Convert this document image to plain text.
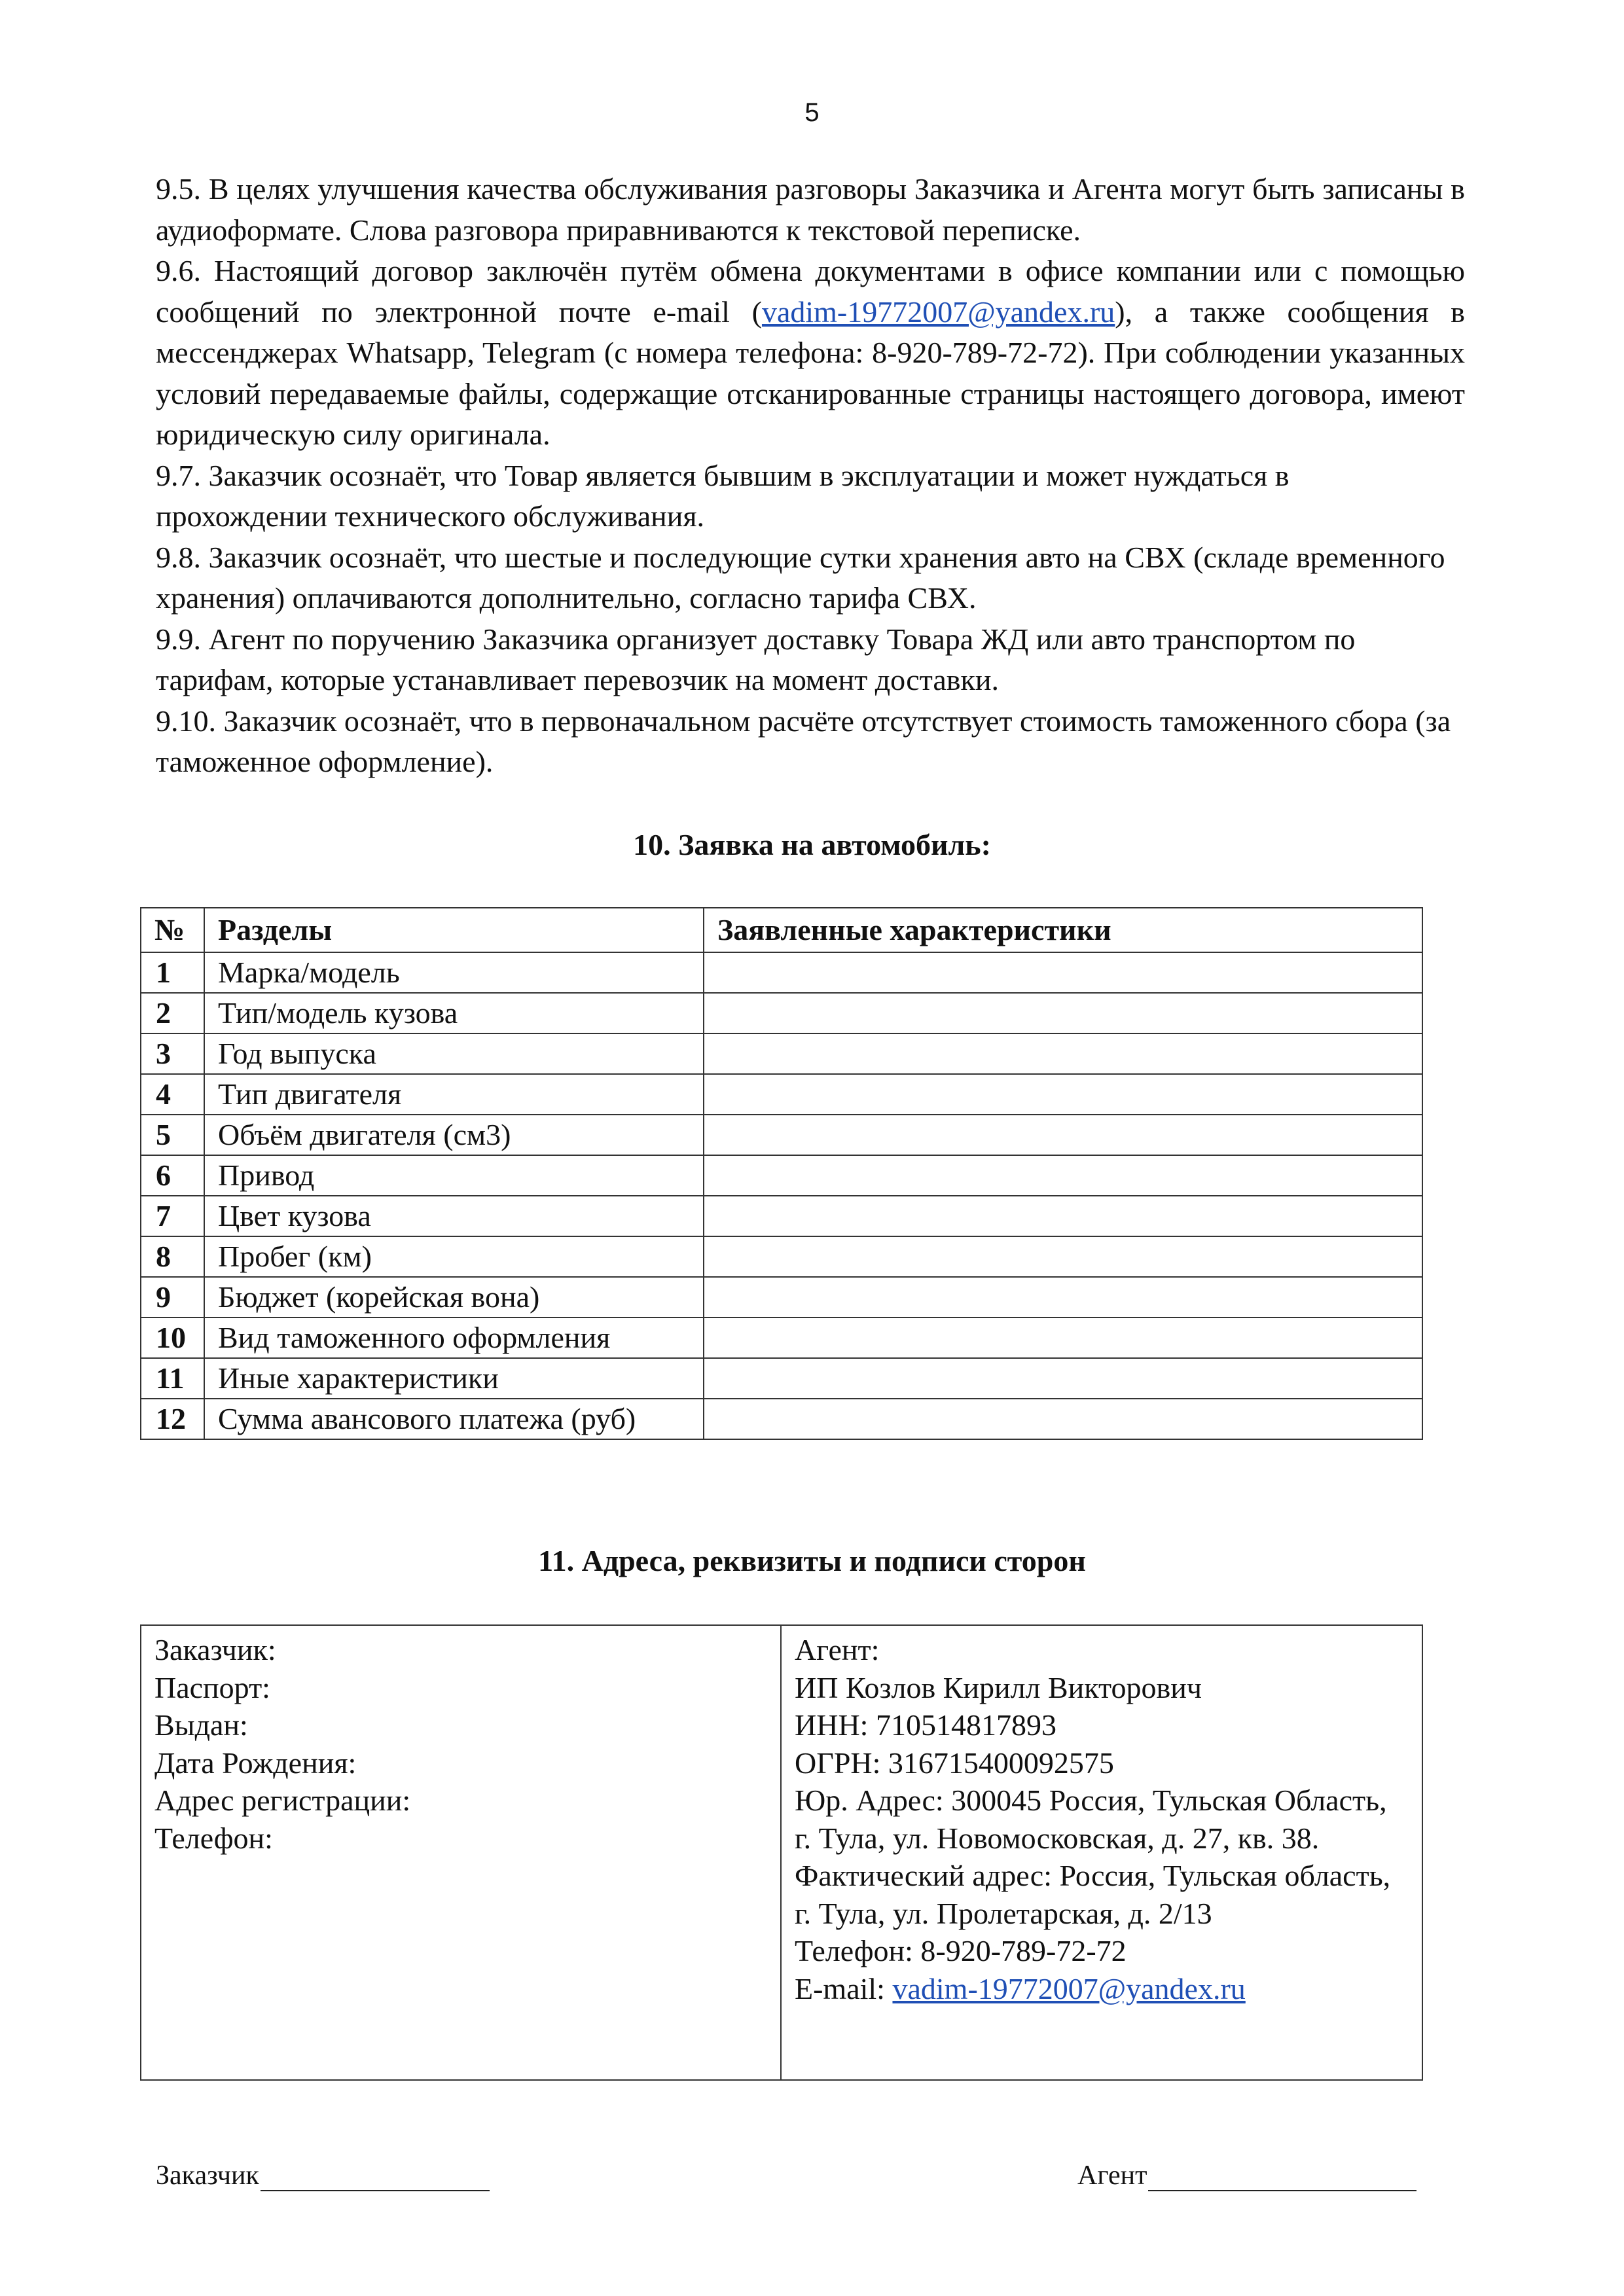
5

9.5. В целях улучшения качества обслуживания разговоры Заказчика и Агента могут быть записаны в аудиоформате. Слова разговора приравниваются к текстовой переписке.

9.6. Настоящий договор заключён путём обмена документами в офисе компании или с помощью сообщений по электронной почте e-mail (vadim-19772007@yandex.ru), а также сообщения в мессенджерах Whatsapp, Telegram (с номера телефона: 8-920-789-72-72). При соблюдении указанных условий передаваемые файлы, содержащие отсканированные страницы настоящего договора, имеют юридическую силу оригинала.

9.7. Заказчик осознаёт, что Товар является бывшим в эксплуатации и может нуждаться в прохождении технического обслуживания.

9.8. Заказчик осознаёт, что шестые и последующие сутки хранения авто на СВХ (складе временного хранения) оплачиваются дополнительно, согласно тарифа СВХ.

9.9. Агент по поручению Заказчика организует доставку Товара ЖД или авто транспортом по тарифам, которые устанавливает перевозчик на момент доставки.

9.10. Заказчик осознаёт, что в первоначальном расчёте отсутствует стоимость таможенного сбора (за таможенное оформление).

10. Заявка на автомобиль:
№	Разделы	Заявленные характеристики
1	Марка/модель	
2	Тип/модель кузова	
3	Год выпуска	
4	Тип двигателя	
5	Объём двигателя (см3)	
6	Привод	
7	Цвет кузова	
8	Пробег (км)	
9	Бюджет (корейская вона)	
10	Вид таможенного оформления	
11	Иные характеристики	
12	Сумма авансового платежа (руб)	
11. Адреса, реквизиты и подписи сторон

Заказчик:

Паспорт:

Выдан:

Дата Рождения:

Адрес регистрации:

Телефон:

Агент:

ИП Козлов Кирилл Викторович

ИНН: 710514817893

ОГРН: 316715400092575

Юр. Адрес: 300045 Россия, Тульская Область, г. Тула, ул. Новомосковская, д. 27, кв. 38.

Фактический адрес: Россия, Тульская область, г. Тула, ул. Пролетарская, д. 2/13

Телефон: 8-920-789-72-72

E-mail: vadim-19772007@yandex.ru

Заказчик	Агент
